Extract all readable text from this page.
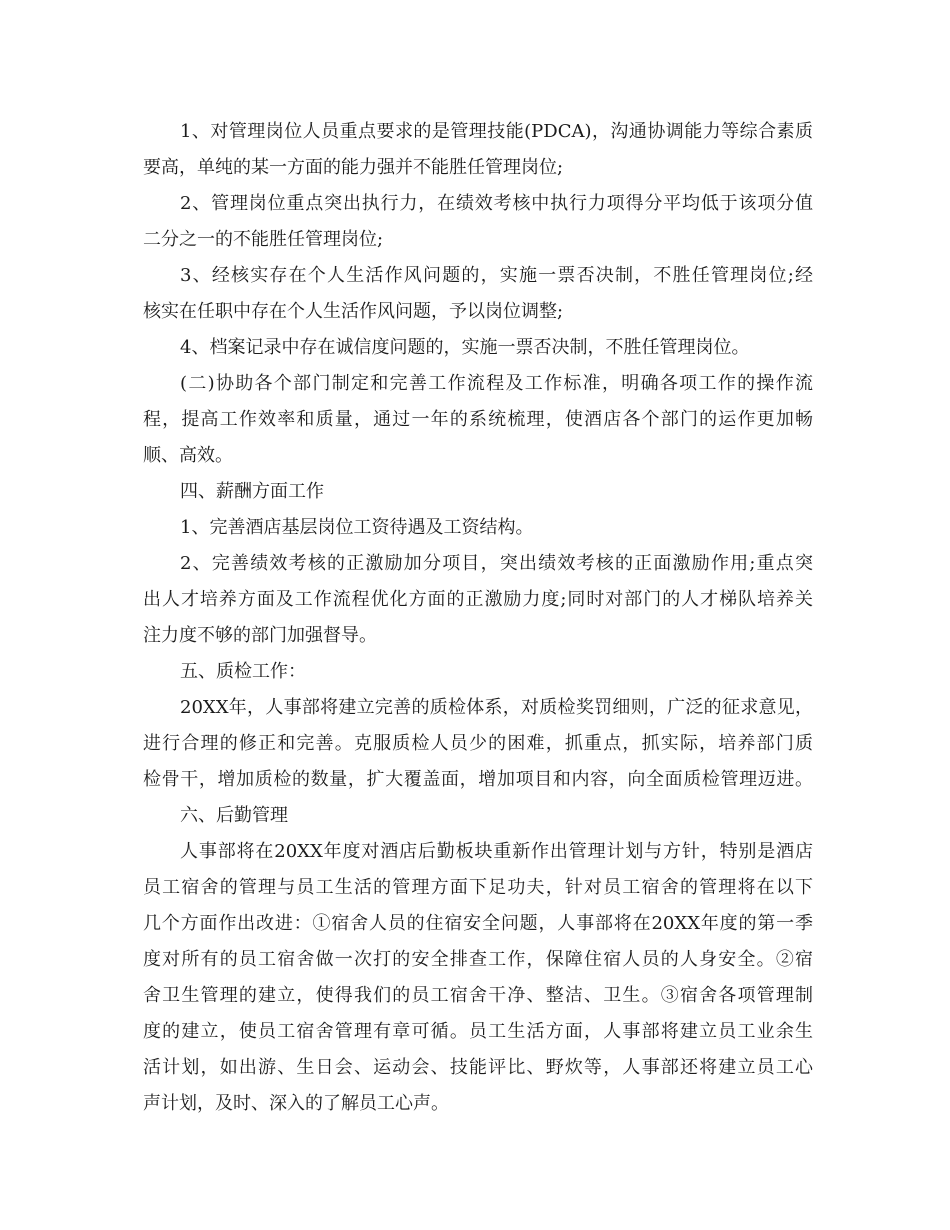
1、对管理岗位人员重点要求的是管理技能(PDCA)，沟通协调能力等综合素质
要高，单纯的某一方面的能力强并不能胜任管理岗位;
2、管理岗位重点突出执行力，在绩效考核中执行力项得分平均低于该项分值
二分之一的不能胜任管理岗位;
3、经核实存在个人生活作风问题的，实施一票否决制，不胜任管理岗位;经
核实在任职中存在个人生活作风问题，予以岗位调整;
4、档案记录中存在诚信度问题的，实施一票否决制，不胜任管理岗位。
(二)协助各个部门制定和完善工作流程及工作标准，明确各项工作的操作流
程，提高工作效率和质量，通过一年的系统梳理，使酒店各个部门的运作更加畅
顺、高效。
四、薪酬方面工作
1、完善酒店基层岗位工资待遇及工资结构。
2、完善绩效考核的正激励加分项目，突出绩效考核的正面激励作用;重点突
出人才培养方面及工作流程优化方面的正激励力度;同时对部门的人才梯队培养关
注力度不够的部门加强督导。
五、质检工作：
20XX年，人事部将建立完善的质检体系，对质检奖罚细则，广泛的征求意见，
进行合理的修正和完善。克服质检人员少的困难，抓重点，抓实际，培养部门质
检骨干，增加质检的数量，扩大覆盖面，增加项目和内容，向全面质检管理迈进。
六、后勤管理
人事部将在20XX年度对酒店后勤板块重新作出管理计划与方针，特别是酒店
员工宿舍的管理与员工生活的管理方面下足功夫，针对员工宿舍的管理将在以下
几个方面作出改进：①宿舍人员的住宿安全问题，人事部将在20XX年度的第一季
度对所有的员工宿舍做一次打的安全排查工作，保障住宿人员的人身安全。②宿
舍卫生管理的建立，使得我们的员工宿舍干净、整洁、卫生。③宿舍各项管理制
度的建立，使员工宿舍管理有章可循。员工生活方面，人事部将建立员工业余生
活计划，如出游、生日会、运动会、技能评比、野炊等，人事部还将建立员工心
声计划，及时、深入的了解员工心声。
